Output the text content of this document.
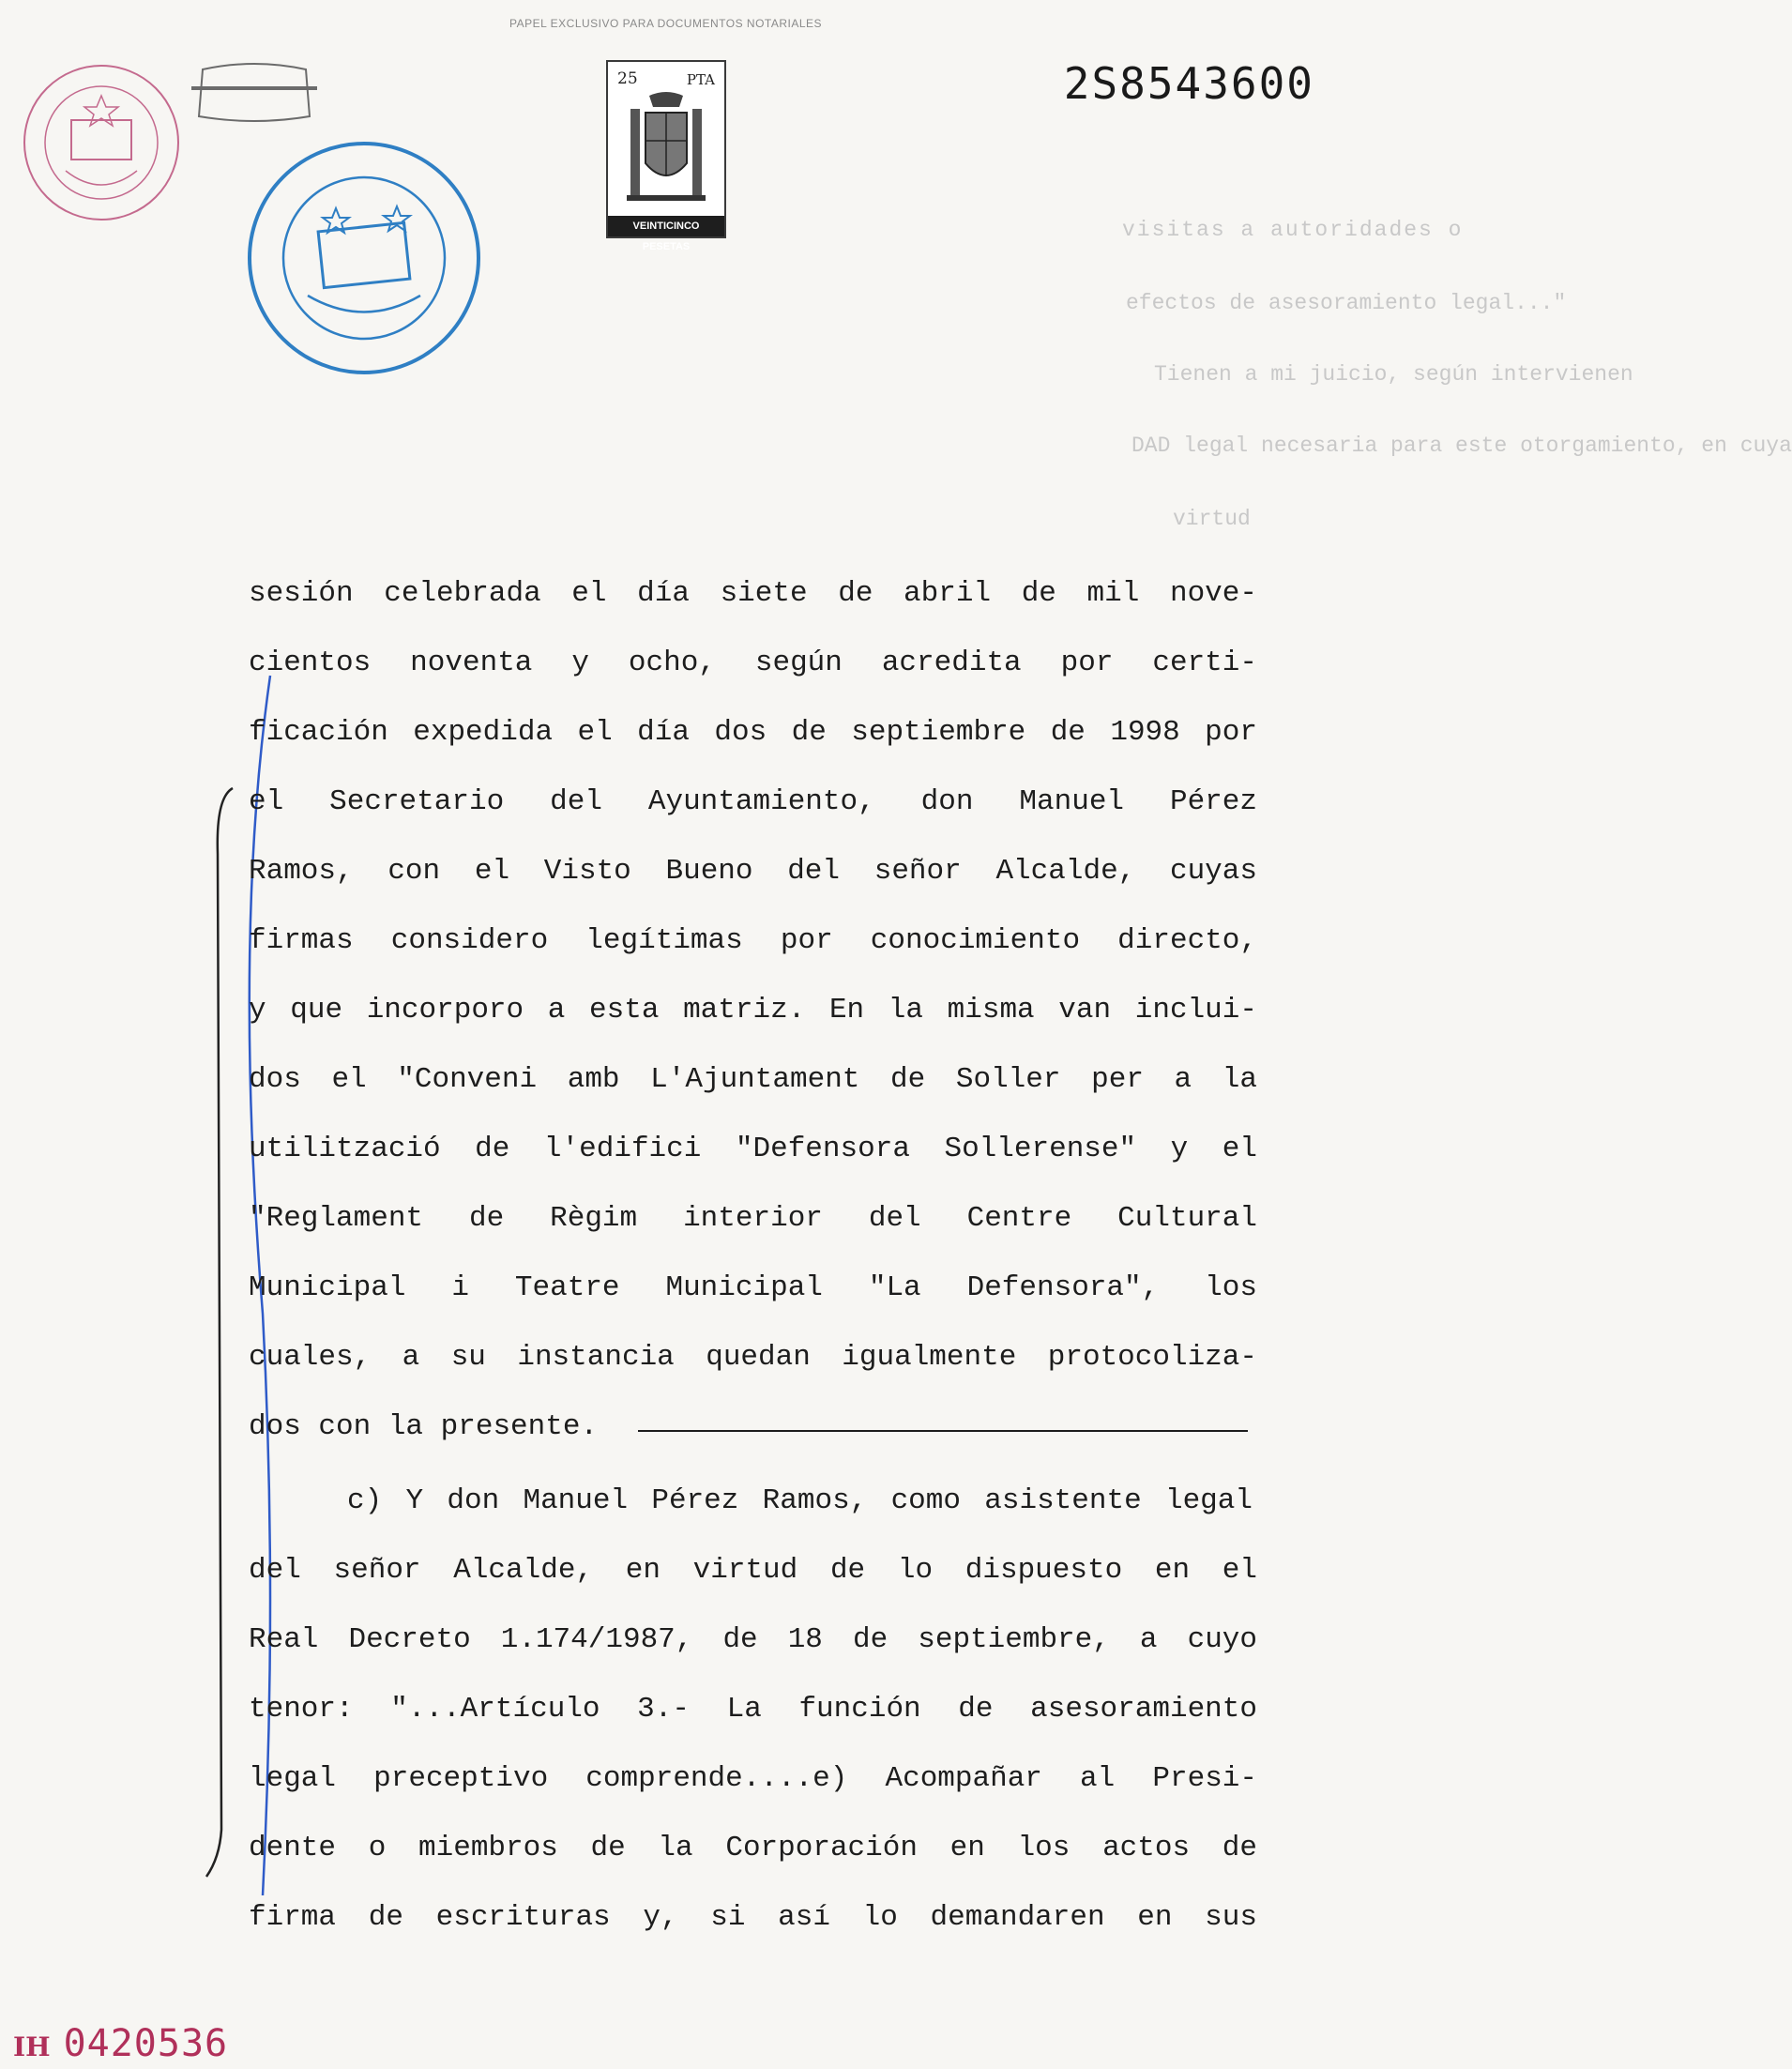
PAPEL EXCLUSIVO PARA DOCUMENTOS NOTARIALES
2S8543600
25	PTA
VEINTICINCO PESETAS
visitas a autoridades o
efectos de asesoramiento legal..."
Tienen a mi juicio, según intervienen
DAD legal necesaria para este otorgamiento, en cuya
virtud
sesión celebrada el día siete de abril de mil nove-
cientos noventa y ocho, según acredita por certi-
ficación expedida el día dos de septiembre de 1998 por
el Secretario del Ayuntamiento, don Manuel Pérez
Ramos, con el Visto Bueno del señor Alcalde, cuyas
firmas considero legítimas por conocimiento directo,
y que incorporo a esta matriz. En la misma van inclui-
dos el "Conveni amb L'Ajuntament de Soller per a la
utilització de l'edifici "Defensora Sollerense" y el
"Reglament de Règim interior del Centre Cultural
Municipal i Teatre Municipal "La Defensora", los
cuales, a su instancia quedan igualmente protocoliza-
dos con la presente.
c) Y don Manuel Pérez Ramos, como asistente legal
del señor Alcalde, en virtud de lo dispuesto en el
Real Decreto 1.174/1987, de 18 de septiembre, a cuyo
tenor: "...Artículo 3.- La función de asesoramiento
legal preceptivo comprende....e) Acompañar al Presi-
dente o miembros de la Corporación en los actos de
firma de escrituras y, si así lo demandaren en sus
IH 0420536
